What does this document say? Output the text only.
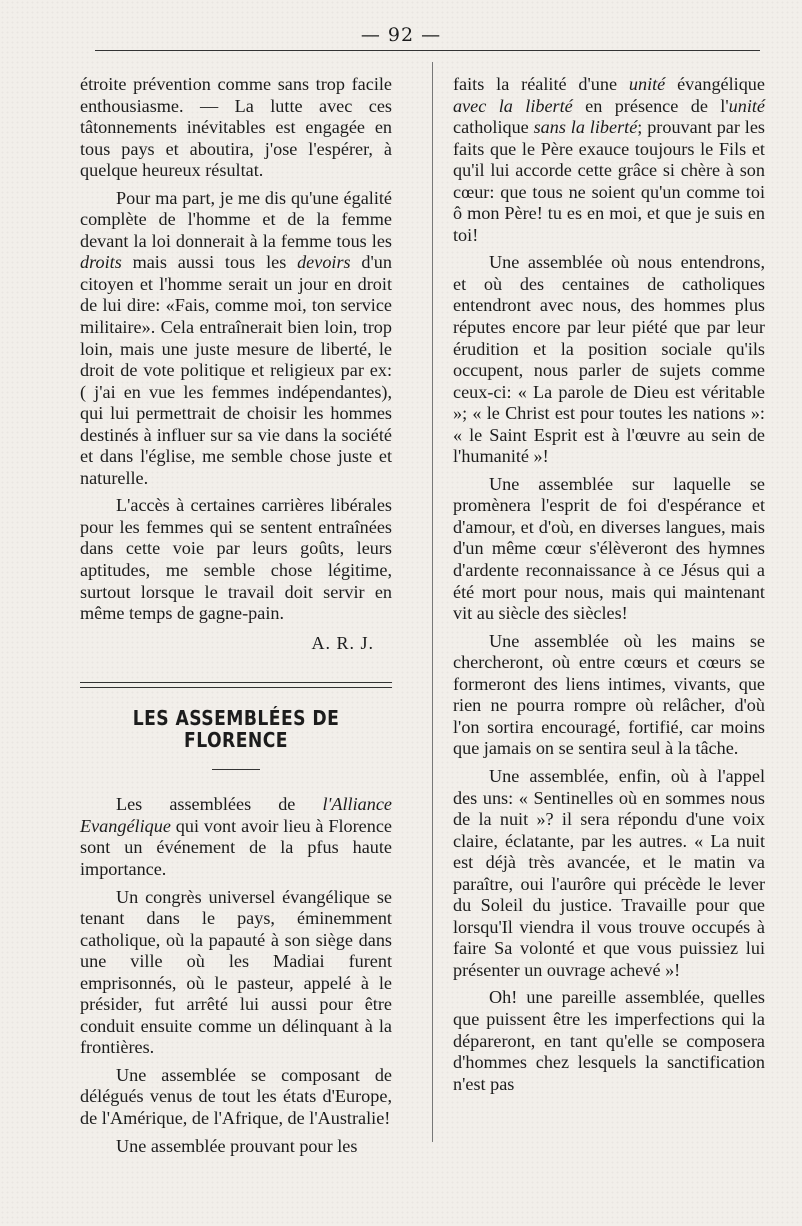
— 92 —

étroite prévention comme sans trop facile enthousiasme. — La lutte avec ces tâtonnements inévitables est engagée en tous pays et aboutira, j'ose l'espérer, à quelque heureux résultat.

Pour ma part, je me dis qu'une égalité complète de l'homme et de la femme devant la loi donnerait à la femme tous les droits mais aussi tous les devoirs d'un citoyen et l'homme serait un jour en droit de lui dire: «Fais, comme moi, ton service militaire». Cela entraînerait bien loin, trop loin, mais une juste mesure de liberté, le droit de vote politique et religieux par ex: ( j'ai en vue les femmes indépendantes), qui lui permettrait de choisir les hommes destinés à influer sur sa vie dans la société et dans l'église, me semble chose juste et naturelle.

L'accès à certaines carrières libérales pour les femmes qui se sentent entraînées dans cette voie par leurs goûts, leurs aptitudes, me semble chose légitime, surtout lorsque le travail doit servir en même temps de gagne-pain.

A. R. J.
LES ASSEMBLÉES DE FLORENCE

Les assemblées de l'Alliance Evangélique qui vont avoir lieu à Florence sont un événement de la pfus haute importance.

Un congrès universel évangélique se tenant dans le pays, éminemment catholique, où la papauté à son siège dans une ville où les Madiai furent emprisonnés, où le pasteur, appelé à le présider, fut arrêté lui aussi pour être conduit ensuite comme un délinquant à la frontières.

Une assemblée se composant de délégués venus de tout les états d'Europe, de l'Amérique, de l'Afrique, de l'Australie!

Une assemblée prouvant pour les

faits la réalité d'une unité évangélique avec la liberté en présence de l'unité catholique sans la liberté; prouvant par les faits que le Père exauce toujours le Fils et qu'il lui accorde cette grâce si chère à son cœur: que tous ne soient qu'un comme toi ô mon Père! tu es en moi, et que je suis en toi!

Une assemblée où nous entendrons, et où des centaines de catholiques entendront avec nous, des hommes plus réputes encore par leur piété que par leur érudition et la position sociale qu'ils occupent, nous parler de sujets comme ceux-ci: « La parole de Dieu est véritable »; « le Christ est pour toutes les nations »: « le Saint Esprit est à l'œuvre au sein de l'humanité »!

Une assemblée sur laquelle se promènera l'esprit de foi d'espérance et d'amour, et d'où, en diverses langues, mais d'un même cœur s'élèveront des hymnes d'ardente reconnaissance à ce Jésus qui a été mort pour nous, mais qui maintenant vit au siècle des siècles!

Une assemblée où les mains se chercheront, où entre cœurs et cœurs se formeront des liens intimes, vivants, que rien ne pourra rompre où relâcher, d'où l'on sortira encouragé, fortifié, car moins que jamais on se sentira seul à la tâche.

Une assemblée, enfin, où à l'appel des uns: « Sentinelles où en sommes nous de la nuit »? il sera répondu d'une voix claire, éclatante, par les autres. « La nuit est déjà très avancée, et le matin va paraître, oui l'aurôre qui précède le lever du Soleil du justice. Travaille pour que lorsqu'Il viendra il vous trouve occupés à faire Sa volonté et que vous puissiez lui présenter un ouvrage achevé »!

Oh! une pareille assemblée, quelles que puissent être les imperfections qui la dépareront, en tant qu'elle se composera d'hommes chez lesquels la sanctification n'est pas
